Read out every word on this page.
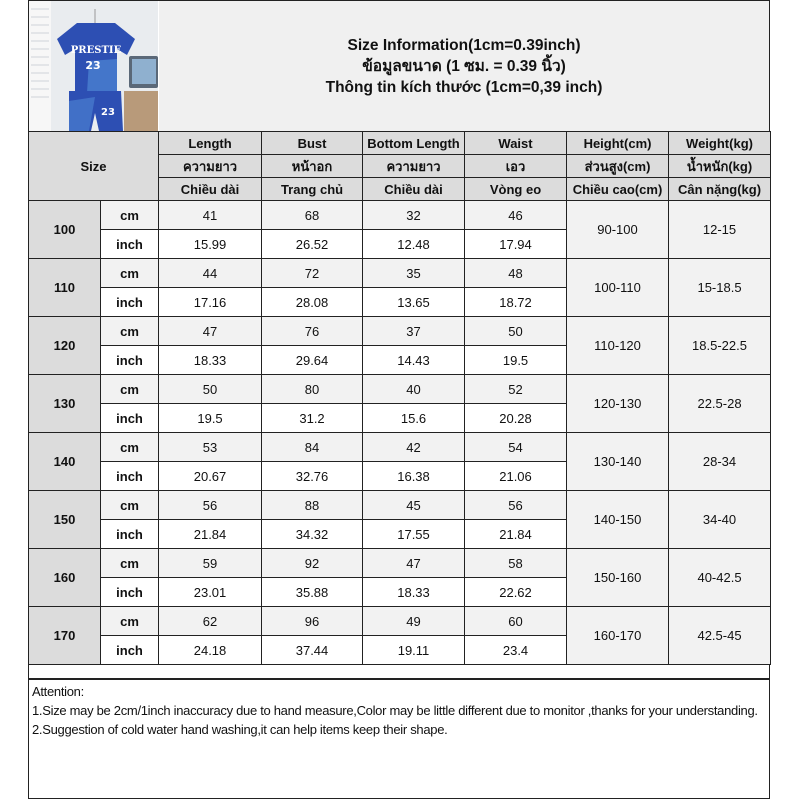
PRESTIE
23
23
Size Information(1cm=0.39inch)
ข้อมูลขนาด (1 ซม. = 0.39 นิ้ว)
Thông tin kích thước (1cm=0,39 inch)
Size		Length	Bust	Bottom Length	Waist	Height(cm)	Weight(kg)
		ความยาว	หน้าอก	ความยาว	เอว	ส่วนสูง(cm)	น้ำหนัก(kg)
		Chiều dài	Trang chủ	Chiều dài	Vòng eo	Chiều cao(cm)	Cân nặng(kg)
100	cm	41	68	32	46	90-100	12-15
	inch	15.99	26.52	12.48	17.94		
110	cm	44	72	35	48	100-110	15-18.5
	inch	17.16	28.08	13.65	18.72		
120	cm	47	76	37	50	110-120	18.5-22.5
	inch	18.33	29.64	14.43	19.5		
130	cm	50	80	40	52	120-130	22.5-28
	inch	19.5	31.2	15.6	20.28		
140	cm	53	84	42	54	130-140	28-34
	inch	20.67	32.76	16.38	21.06		
150	cm	56	88	45	56	140-150	34-40
	inch	21.84	34.32	17.55	21.84		
160	cm	59	92	47	58	150-160	40-42.5
	inch	23.01	35.88	18.33	22.62		
170	cm	62	96	49	60	160-170	42.5-45
	inch	24.18	37.44	19.11	23.4		
Attention:
1.Size may be 2cm/1inch inaccuracy due to hand measure,Color may be little different due to monitor ,thanks for your understanding.
2.Suggestion of cold water hand washing,it can help items keep their shape.
